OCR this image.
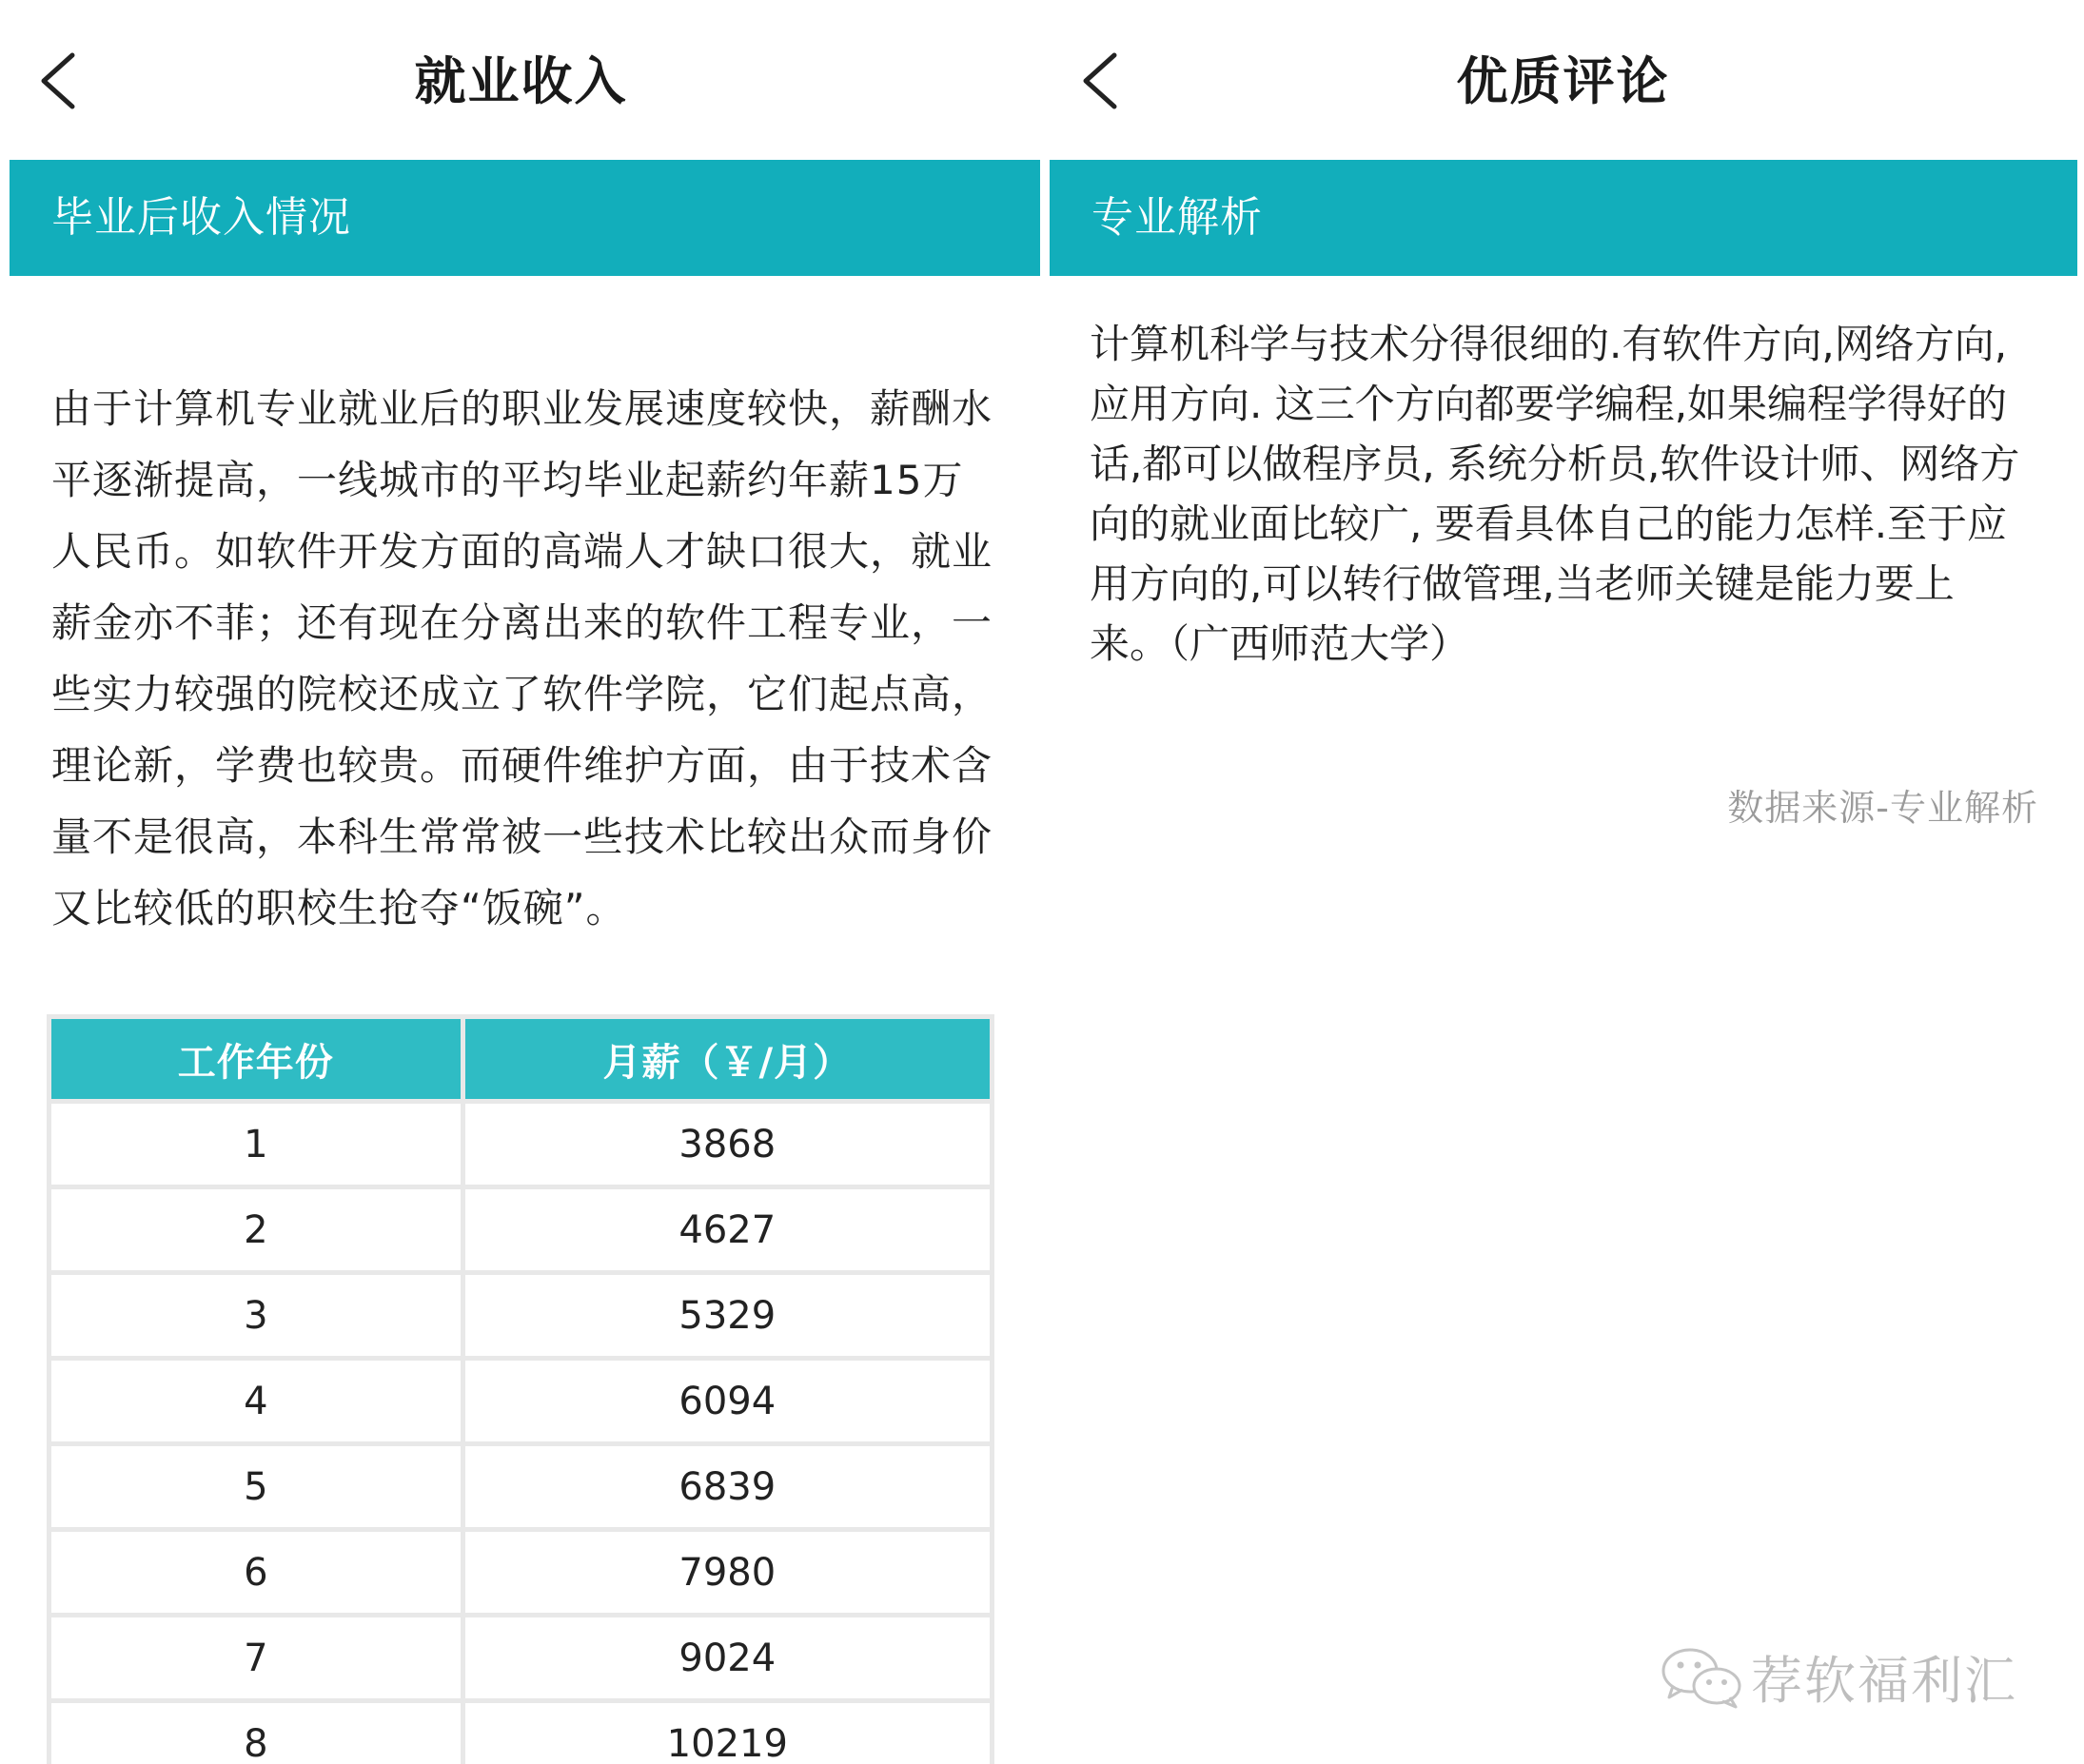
就业收入
毕业后收入情况
由于计算机专业就业后的职业发展速度较快，薪酬水平逐渐提高，一线城市的平均毕业起薪约年薪15万人民币。如软件开发方面的高端人才缺口很大，就业薪金亦不菲；还有现在分离出来的软件工程专业，一些实力较强的院校还成立了软件学院，它们起点高，理论新，学费也较贵。而硬件维护方面，由于技术含量不是很高，本科生常常被一些技术比较出众而身价又比较低的职校生抢夺“饭碗”。
工作年份	月薪（￥/月）
1	3868
2	4627
3	5329
4	6094
5	6839
6	7980
7	9024
8	10219
优质评论
专业解析
计算机科学与技术分得很细的.有软件方向,网络方向,应用方向. 这三个方向都要学编程,如果编程学得好的话,都可以做程序员, 系统分析员,软件设计师、网络方向的就业面比较广, 要看具体自己的能力怎样.至于应用方向的,可以转行做管理,当老师关键是能力要上来。（广西师范大学）
数据来源-专业解析
荐软福利汇
